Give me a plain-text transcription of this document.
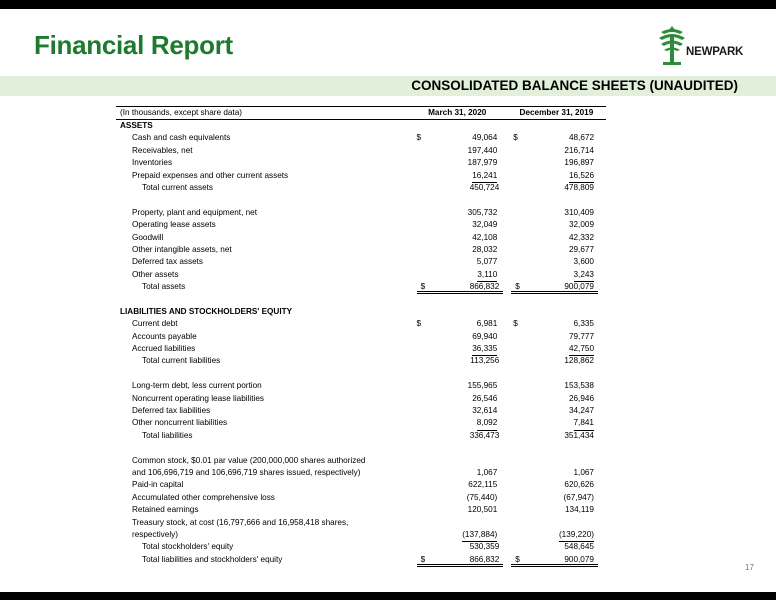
Financial Report	NEWPARK
CONSOLIDATED BALANCE SHEETS (UNAUDITED)
(In thousands, except share data)	March 31, 2020	December 31, 2019
ASSETS
Cash and cash equivalents	$	49,064 $	48,672
Receivables, net	197,440	216,714
Inventories	187,979	196,897
Prepaid expenses and other current assets	16,241	16,526
Total current assets	450,724	478,809
Property, plant and equipment, net	305,732	310,409
Operating lease assets	32,049	32,009
Goodwill	42,108	42,332
Other intangible assets, net	28,032	29,677
Deferred tax assets	5,077	3,600
Other assets	3,110	3,243
Total assets	$	866,832 $	900,079
LIABILITIES AND STOCKHOLDERS' EQUITY
Current debt	$	6,981 $	6,335
Accounts payable	69,940	79,777
Accrued liabilities	36,335	42,750
Total current liabilities	113,256	128,862
Long-term debt, less current portion	155,965	153,538
Noncurrent operating lease liabilities	26,546	26,946
Deferred tax liabilities	32,614	34,247
Other noncurrent liabilities	8,092	7,841
Total liabilities	336,473	351,434
Common stock, $0.01 par value (200,000,000 shares authorized
and 106,696,719 and 106,696,719 shares issued, respectively)	1,067	1,067
Paid-in capital	622,115	620,626
Accumulated other comprehensive loss	(75,440)	(67,947)
Retained earnings	120,501	134,119
Treasury stock, at cost (16,797,666 and 16,958,418 shares,
respectively)	(137,884)	(139,220)
Total stockholders' equity	530,359	548,645
Total liabilities and stockholders' equity	$	866,832 $	900,079
17
